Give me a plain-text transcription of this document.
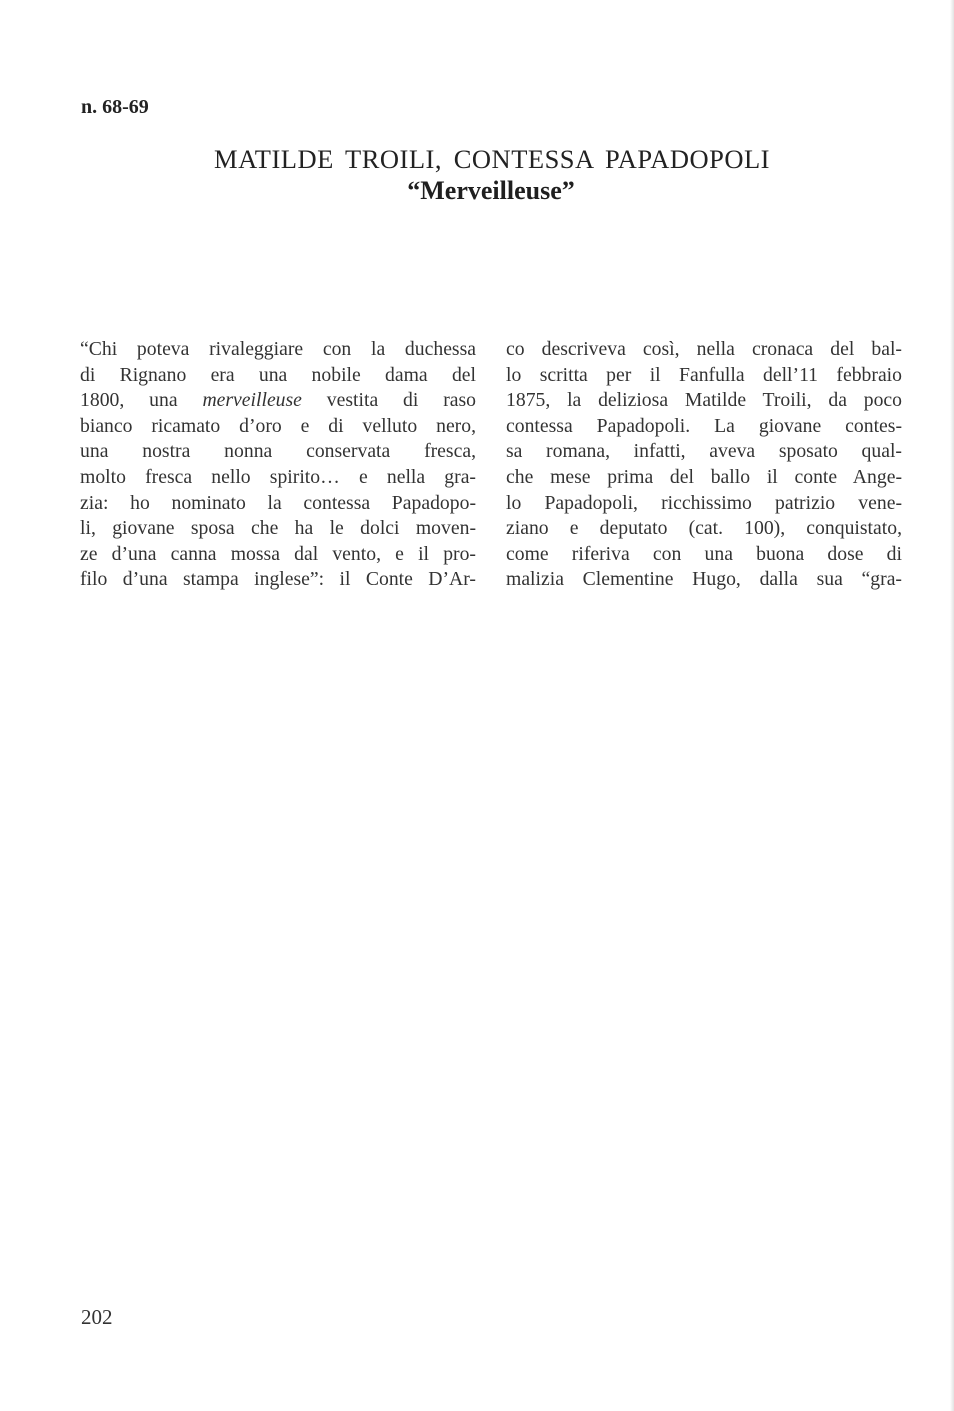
n. 68-69
MATILDE TROILI, CONTESSA PAPADOPOLI
“Merveilleuse”
“Chi poteva rivaleggiare con la duchessa
di Rignano era una nobile dama del
1800, una merveilleuse vestita di raso
bianco ricamato d’oro e di velluto nero,
una nostra nonna conservata fresca,
molto fresca nello spirito… e nella gra-
zia: ho nominato la contessa Papadopo-
li, giovane sposa che ha le dolci moven-
ze d’una canna mossa dal vento, e il pro-
filo d’una stampa inglese”: il Conte D’Ar-
co descriveva così, nella cronaca del bal-
lo scritta per il Fanfulla dell’11 febbraio
1875, la deliziosa Matilde Troili, da poco
contessa Papadopoli. La giovane contes-
sa romana, infatti, aveva sposato qual-
che mese prima del ballo il conte Ange-
lo Papadopoli, ricchissimo patrizio vene-
ziano e deputato (cat. 100), conquistato,
come riferiva con una buona dose di
malizia Clementine Hugo, dalla sua “gra-
202
